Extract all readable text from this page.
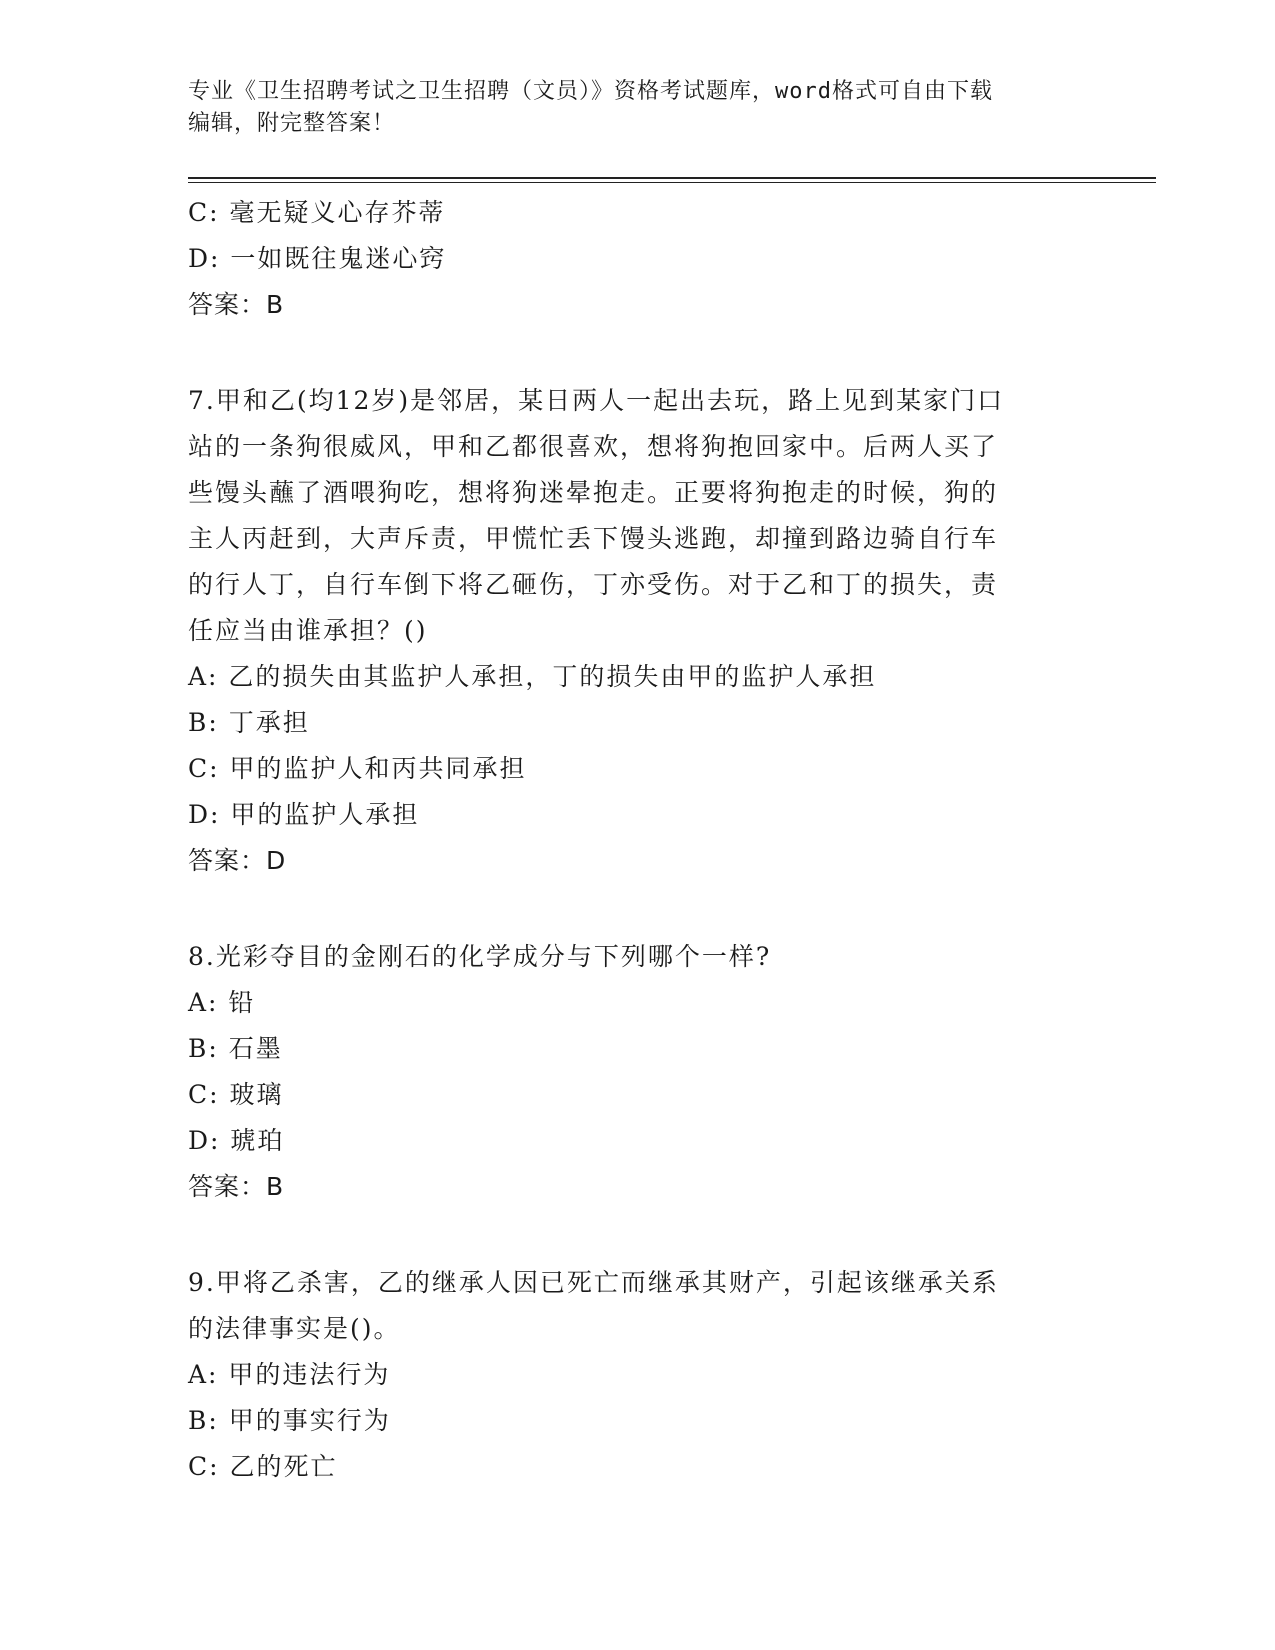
专业《卫生招聘考试之卫生招聘（文员）》资格考试题库，word格式可自由下载
编辑，附完整答案！
C: 毫无疑义心存芥蒂
D: 一如既往鬼迷心窍
答案：B
7.甲和乙(均12岁)是邻居，某日两人一起出去玩，路上见到某家门口
站的一条狗很威风，甲和乙都很喜欢，想将狗抱回家中。后两人买了
些馒头蘸了酒喂狗吃，想将狗迷晕抱走。正要将狗抱走的时候，狗的
主人丙赶到，大声斥责，甲慌忙丢下馒头逃跑，却撞到路边骑自行车
的行人丁，自行车倒下将乙砸伤，丁亦受伤。对于乙和丁的损失，责
任应当由谁承担？()
A: 乙的损失由其监护人承担，丁的损失由甲的监护人承担
B: 丁承担
C: 甲的监护人和丙共同承担
D: 甲的监护人承担
答案：D
8.光彩夺目的金刚石的化学成分与下列哪个一样?
A: 铅
B: 石墨
C: 玻璃
D: 琥珀
答案：B
9.甲将乙杀害，乙的继承人因已死亡而继承其财产，引起该继承关系
的法律事实是()。
A: 甲的违法行为
B: 甲的事实行为
C: 乙的死亡
